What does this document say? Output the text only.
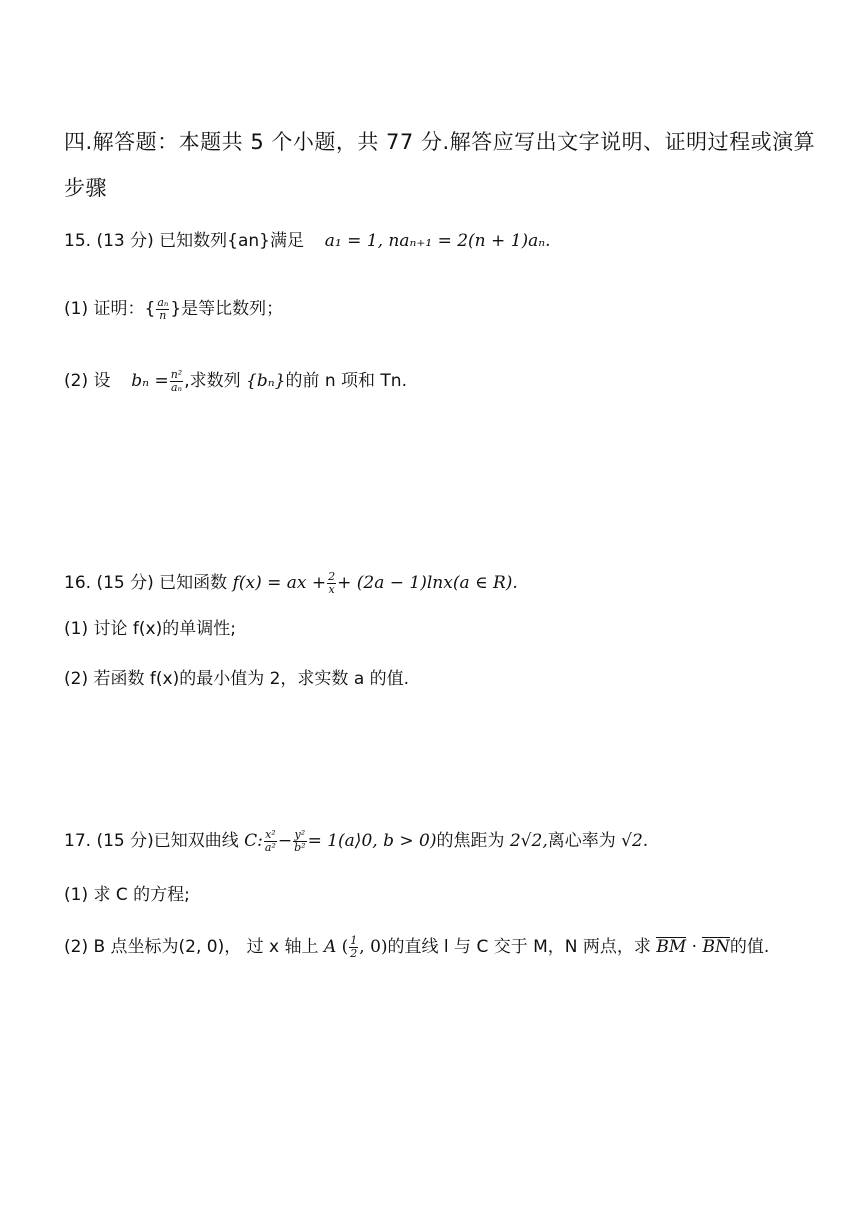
四.解答题：本题共 5 个小题，共 77 分.解答应写出文字说明、证明过程或演算
步骤
15. (13 分) 已知数列{an}满足 a₁ = 1, naₙ₊₁ = 2(n + 1)aₙ.
(1) 证明：{ $\frac{\text{aₙ}}{n}$ }是等比数列；
(2) 设 $b_n = \frac{\text{n²}}{\text{aₙ}}$ ,求数列 {bₙ}的前 n 项和 Tn.
16. (15 分) 已知函数 f(x) = ax + $\frac{2}{x} + (2a - 1)\ln x(a$ ∈ R).
(1) 讨论 f(x)的单调性;
(2) 若函数 f(x)的最小值为 2，求实数 a 的值.
17. (15 分)已知双曲线 C: $\frac{\text{x²}}{\text{a²}} - \frac{\text{y²}}{\text{b²}}$ = 1(a⟩0, b > 0)的焦距为 2√2,离心率为 √2.
(1) 求 C 的方程;
(2) B 点坐标为(2, 0)， 过 x 轴上 A ( $\frac{1}{2}$ , 0)的直线 l 与 C 交于 M，N 两点，求 BM · BN的值.
